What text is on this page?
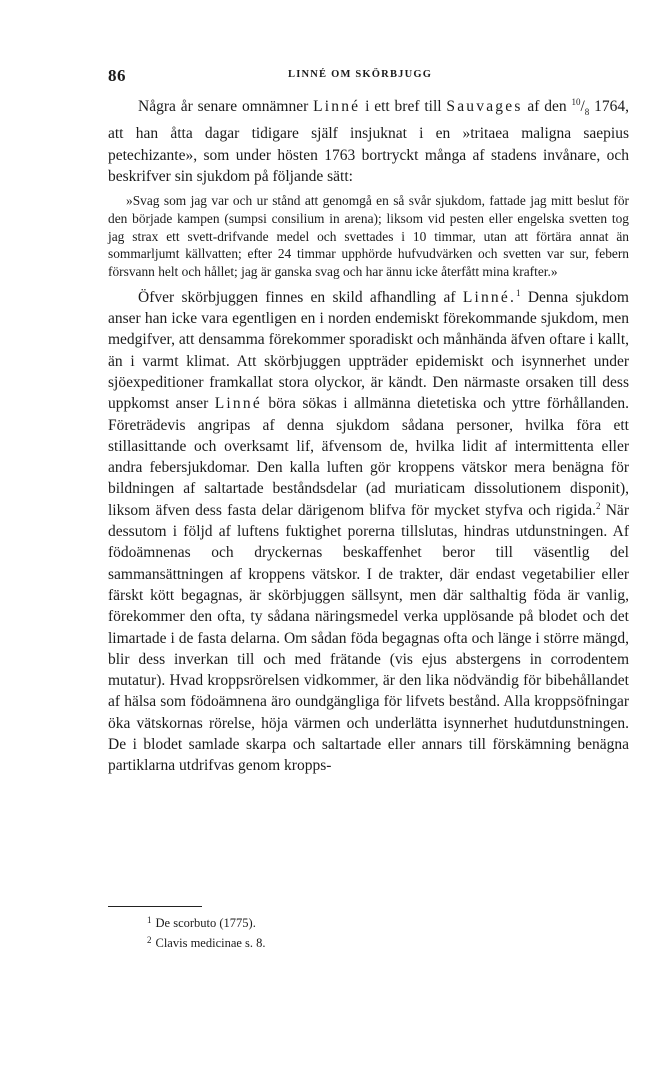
86	LINNÉ OM SKÖRBJUGG

Några år senare omnämner Linné i ett bref till Sauvages af den $^{10}/_8$ 1764, att han åtta dagar tidigare själf insjuknat i en »tritaea maligna saepius petechizante», som under hösten 1763 bortryckt många af stadens invånare, och beskrifver sin sjukdom på följande sätt:

»Svag som jag var och ur stånd att genomgå en så svår sjukdom, fattade jag mitt beslut för den började kampen (sumpsi consilium in arena); liksom vid pesten eller engelska svetten tog jag strax ett svett-drifvande medel och svettades i 10 timmar, utan att förtära annat än sommarljumt källvatten; efter 24 timmar upphörde hufvudvärken och svetten var sur, febern försvann helt och hållet; jag är ganska svag och har ännu icke återfått mina krafter.»

Öfver skörbjuggen finnes en skild afhandling af Linné.$^1$ Denna sjukdom anser han icke vara egentligen en i norden endemiskt förekommande sjukdom, men medgifver, att densamma förekommer sporadiskt och månhända äfven oftare i kallt, än i varmt klimat. Att skörbjuggen uppträder epidemiskt och isynnerhet under sjöexpeditioner framkallat stora olyckor, är kändt. Den närmaste orsaken till dess uppkomst anser Linné böra sökas i allmänna dietetiska och yttre förhållanden. Företrädevis angripas af denna sjukdom sådana personer, hvilka föra ett stillasittande och overksamt lif, äfvensom de, hvilka lidit af intermittenta eller andra febersjukdomar. Den kalla luften gör kroppens vätskor mera benägna för bildningen af saltartade beståndsdelar (ad muriaticam dissolutionem disponit), liksom äfven dess fasta delar därigenom blifva för mycket styfva och rigida.$^2$ När dessutom i följd af luftens fuktighet porerna tillslutas, hindras utdunstningen. Af födoämnenas och dryckernas beskaffenhet beror till väsentlig del sammansättningen af kroppens vätskor. I de trakter, där endast vegetabilier eller färskt kött begagnas, är skörbjuggen sällsynt, men där salthaltig föda är vanlig, förekommer den ofta, ty sådana näringsmedel verka upplösande på blodet och det limartade i de fasta delarna. Om sådan föda begagnas ofta och länge i större mängd, blir dess inverkan till och med frätande (vis ejus abstergens in corrodentem mutatur). Hvad kroppsrörelsen vidkommer, är den lika nödvändig för bibehållandet af hälsa som födoämnena äro oundgängliga för lifvets bestånd. Alla kroppsöfningar öka vätskornas rörelse, höja värmen och underlätta isynnerhet hudutdunstningen. De i blodet samlade skarpa och saltartade eller annars till förskämning benägna partiklarna utdrifvas genom kropps-

$^1$ De scorbuto (1775).
$^2$ Clavis medicinae s. 8.
